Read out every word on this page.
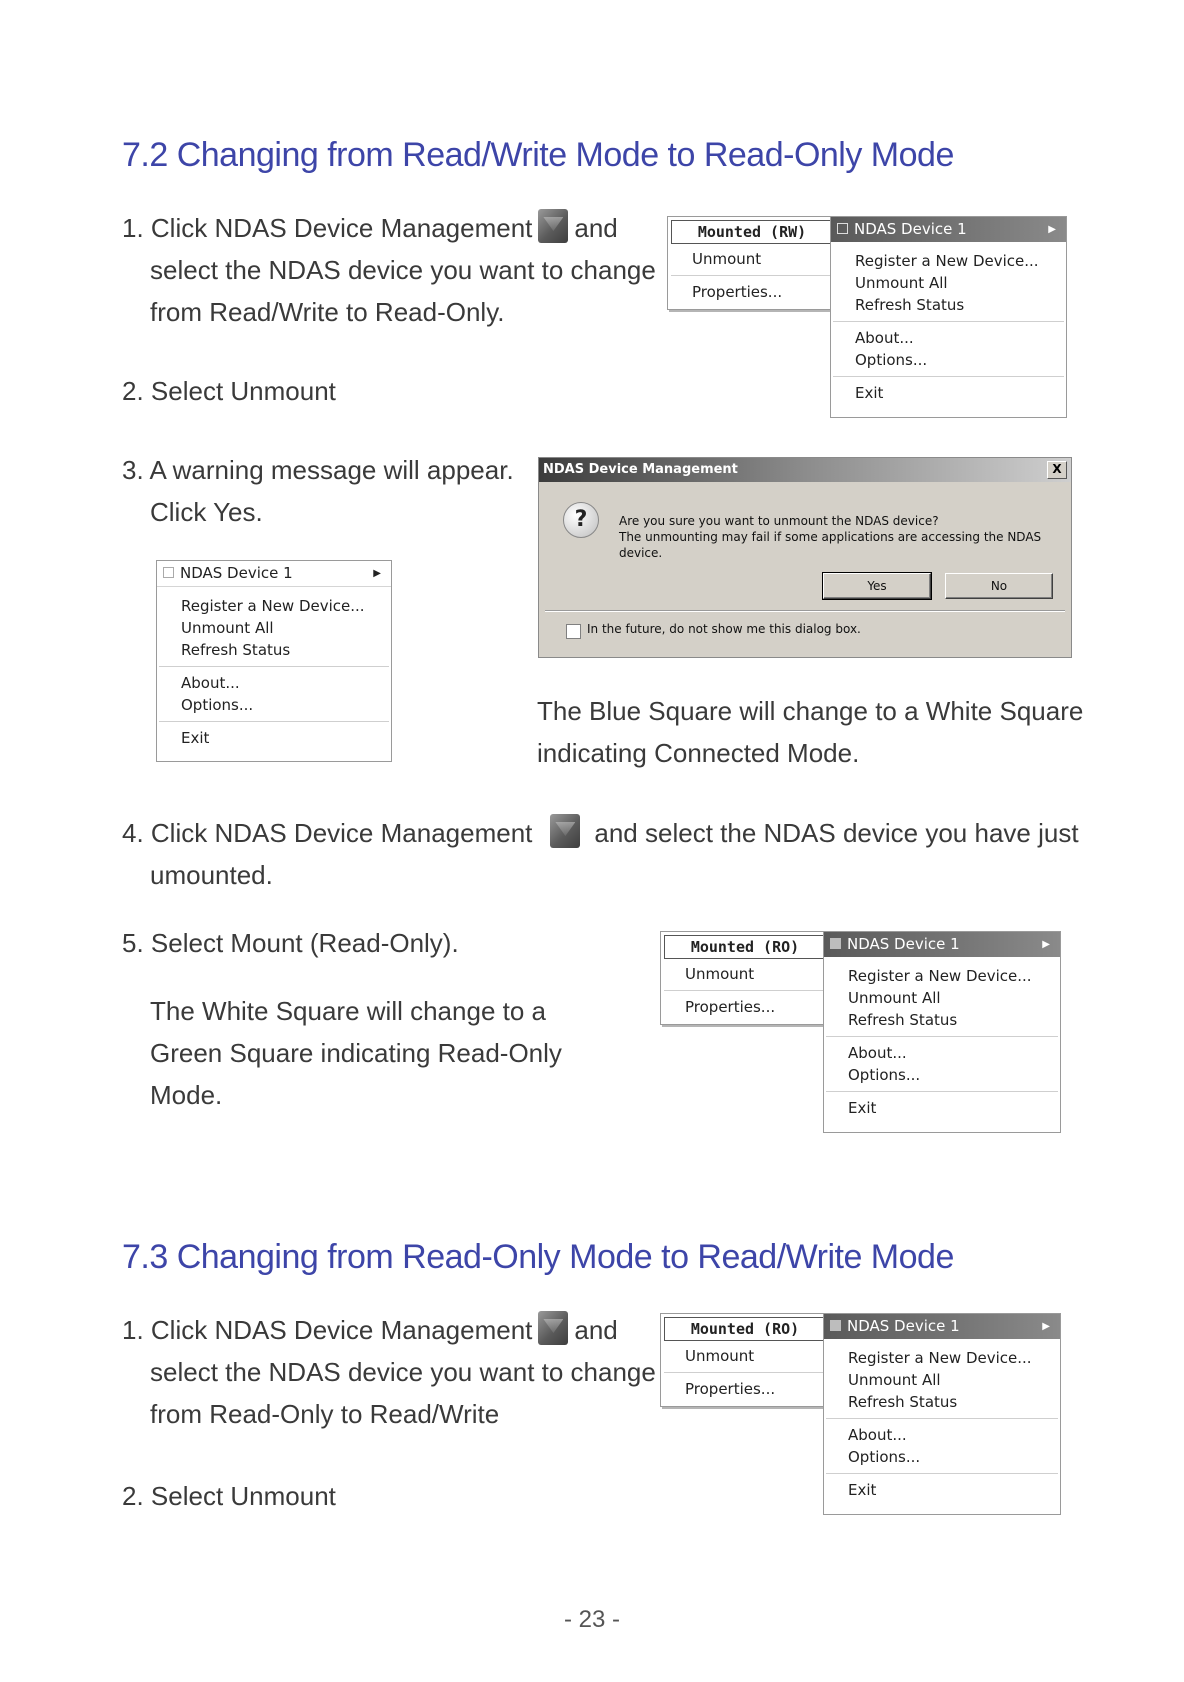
7.2 Changing from Read/Write Mode to Read-Only Mode
1. Click NDAS Device Management and
select the NDAS device you want to change
from Read/Write to Read-Only.
2. Select Unmount
Mounted (RW)
Unmount
Properties...
NDAS Device 1	▶
Register a New Device...
Unmount All
Refresh Status
About...
Options...
Exit
3. A warning message will appear.
Click Yes.
NDAS Device 1	▶
Register a New Device...
Unmount All
Refresh Status
About...
Options...
Exit
NDAS Device Management	X
?	Are you sure you want to unmount the NDAS device?
The unmounting may fail if some applications are accessing the NDAS device.
Yes	No
In the future, do not show me this dialog box.
The Blue Square will change to a White Square
indicating Connected Mode.
4. Click NDAS Device Management and select the NDAS device you have just
umounted.
5. Select Mount (Read-Only).
The White Square will change to a
Green Square indicating Read-Only
Mode.
Mounted (RO)
Unmount
Properties...
NDAS Device 1	▶
Register a New Device...
Unmount All
Refresh Status
About...
Options...
Exit
7.3 Changing from Read-Only Mode to Read/Write Mode
1. Click NDAS Device Management and
select the NDAS device you want to change
from Read-Only to Read/Write
2. Select Unmount
Mounted (RO)
Unmount
Properties...
NDAS Device 1	▶
Register a New Device...
Unmount All
Refresh Status
About...
Options...
Exit
- 23 -
